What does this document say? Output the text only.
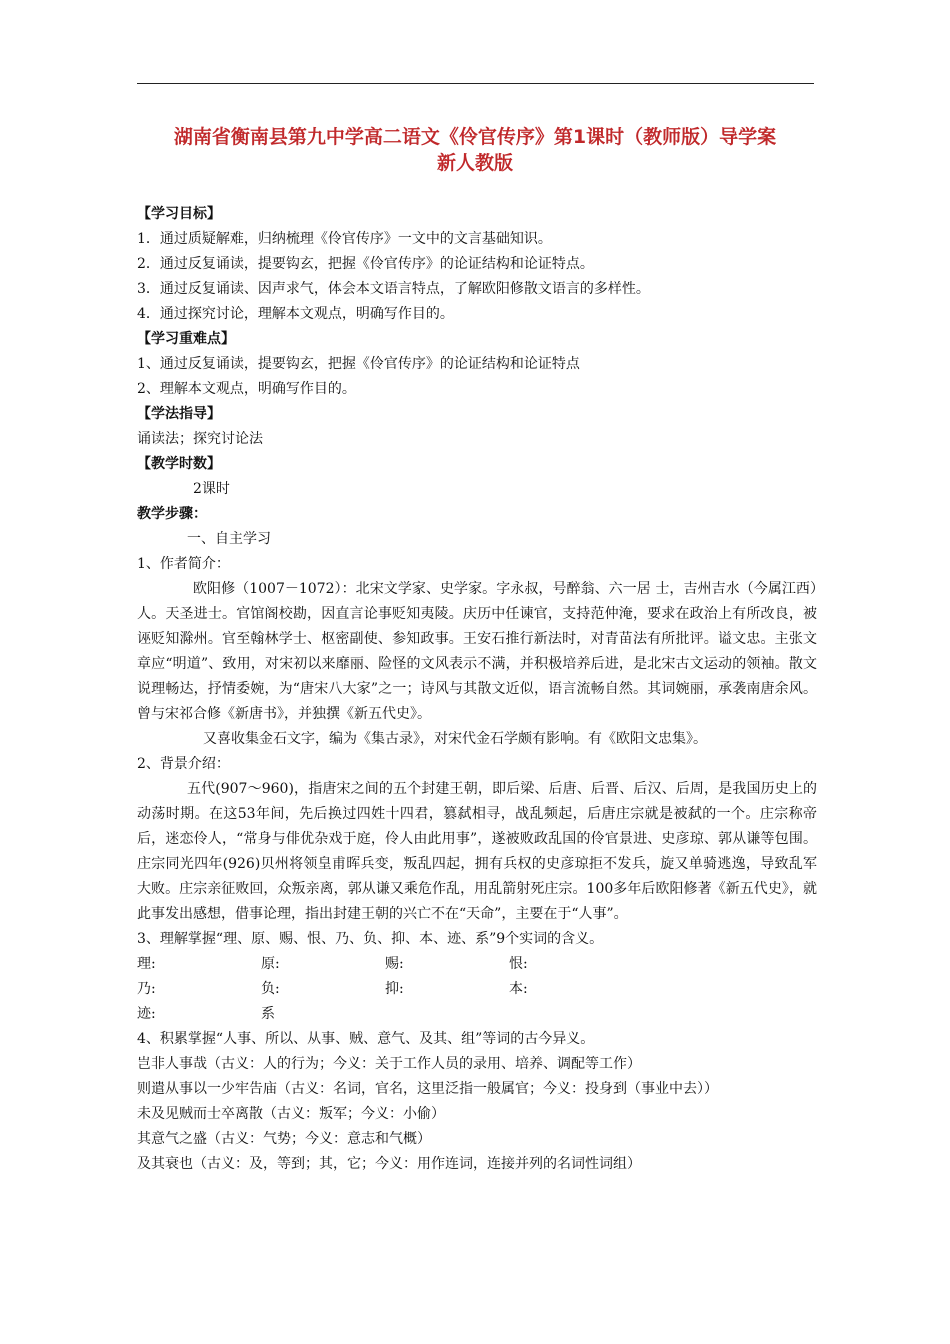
湖南省衡南县第九中学高二语文《伶官传序》第1课时（教师版）导学案
新人教版
【学习目标】
1．通过质疑解难，归纳梳理《伶官传序》一文中的文言基础知识。
2．通过反复诵读，提要钩玄，把握《伶官传序》的论证结构和论证特点。
3．通过反复诵读、因声求气，体会本文语言特点，了解欧阳修散文语言的多样性。
4．通过探究讨论，理解本文观点，明确写作目的。
【学习重难点】
1、通过反复诵读，提要钩玄，把握《伶官传序》的论证结构和论证特点
2、理解本文观点，明确写作目的。
【学法指导】
诵读法；探究讨论法
【教学时数】
2课时
教学步骤：
一、自主学习
1、作者简介：
欧阳修（1007－1072）：北宋文学家、史学家。字永叔，号醉翁、六一居 士，吉州吉水（今属江西）人。天圣进士。官馆阁校勘，因直言论事贬知夷陵。庆历中任谏官，支持范仲淹，要求在政治上有所改良，被诬贬知滁州。官至翰林学士、枢密副使、参知政事。王安石推行新法时，对青苗法有所批评。谥文忠。主张文章应“明道”、致用，对宋初以来靡丽、险怪的文风表示不满，并积极培养后进，是北宋古文运动的领袖。散文说理畅达，抒情委婉，为“唐宋八大家”之一；诗风与其散文近似，语言流畅自然。其词婉丽，承袭南唐余风。曾与宋祁合修《新唐书》，并独撰《新五代史》。
又喜收集金石文字，编为《集古录》，对宋代金石学颇有影响。有《欧阳文忠集》。
2、背景介绍：
五代(907～960)，指唐宋之间的五个封建王朝，即后梁、后唐、后晋、后汉、后周，是我国历史上的动荡时期。在这53年间，先后换过四姓十四君，篡弑相寻，战乱频起，后唐庄宗就是被弑的一个。庄宗称帝后，迷恋伶人，“常身与俳优杂戏于庭，伶人由此用事”，遂被败政乱国的伶官景进、史彦琼、郭从谦等包围。庄宗同光四年(926)贝州将领皇甫晖兵变，叛乱四起，拥有兵权的史彦琼拒不发兵，旋又单骑逃逸，导致乱军大败。庄宗亲征败回，众叛亲离，郭从谦又乘危作乱，用乱箭射死庄宗。100多年后欧阳修著《新五代史》，就此事发出感想，借事论理，指出封建王朝的兴亡不在“天命”，主要在于“人事”。
3、理解掌握“理、原、赐、恨、乃、负、抑、本、迹、系”9个实词的含义。
理:	原:	赐:	恨:
乃:	负:	抑:	本:
迹:	系
4、积累掌握“人事、所以、从事、贼、意气、及其、组”等词的古今异义。
岂非人事哉（古义：人的行为；今义：关于工作人员的录用、培养、调配等工作）
则遣从事以一少牢告庙（古义：名词，官名，这里泛指一般属官；今义：投身到（事业中去））
未及见贼而士卒离散（古义：叛军；今义：小偷）
其意气之盛（古义：气势；今义：意志和气概）
及其衰也（古义：及，等到；其，它；今义：用作连词，连接并列的名词性词组）
